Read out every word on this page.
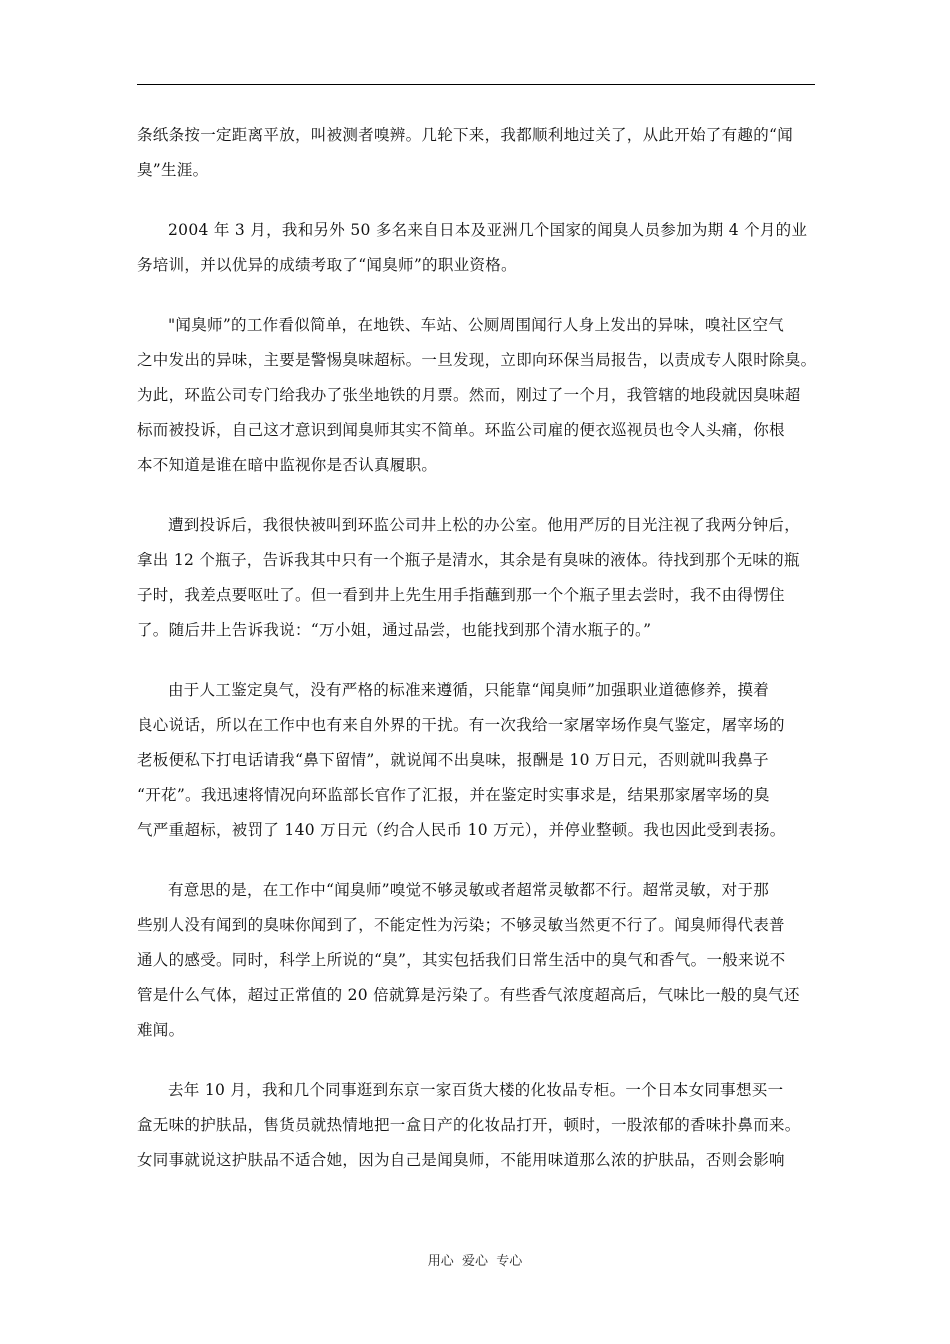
条纸条按一定距离平放，叫被测者嗅辨。几轮下来，我都顺利地过关了，从此开始了有趣的“闻
臭”生涯。

2004 年 3 月，我和另外 50 多名来自日本及亚洲几个国家的闻臭人员参加为期 4 个月的业
务培训，并以优异的成绩考取了“闻臭师”的职业资格。

"闻臭师”的工作看似简单，在地铁、车站、公厕周围闻行人身上发出的异味，嗅社区空气
之中发出的异味，主要是警惕臭味超标。一旦发现，立即向环保当局报告，以责成专人限时除臭。
为此，环监公司专门给我办了张坐地铁的月票。然而，刚过了一个月，我管辖的地段就因臭味超
标而被投诉，自己这才意识到闻臭师其实不简单。环监公司雇的便衣巡视员也令人头痛，你根
本不知道是谁在暗中监视你是否认真履职。

遭到投诉后，我很快被叫到环监公司井上松的办公室。他用严厉的目光注视了我两分钟后，
拿出 12 个瓶子，告诉我其中只有一个瓶子是清水，其余是有臭味的液体。待找到那个无味的瓶
子时，我差点要呕吐了。但一看到井上先生用手指蘸到那一个个瓶子里去尝时，我不由得愣住
了。随后井上告诉我说：“万小姐，通过品尝，也能找到那个清水瓶子的。”

由于人工鉴定臭气，没有严格的标准来遵循，只能靠“闻臭师”加强职业道德修养，摸着
良心说话，所以在工作中也有来自外界的干扰。有一次我给一家屠宰场作臭气鉴定，屠宰场的
老板便私下打电话请我“鼻下留情”，就说闻不出臭味，报酬是 10 万日元，否则就叫我鼻子
“开花”。我迅速将情况向环监部长官作了汇报，并在鉴定时实事求是，结果那家屠宰场的臭
气严重超标，被罚了 140 万日元（约合人民币 10 万元），并停业整顿。我也因此受到表扬。

有意思的是，在工作中“闻臭师”嗅觉不够灵敏或者超常灵敏都不行。超常灵敏，对于那
些别人没有闻到的臭味你闻到了，不能定性为污染；不够灵敏当然更不行了。闻臭师得代表普
通人的感受。同时，科学上所说的“臭”，其实包括我们日常生活中的臭气和香气。一般来说不
管是什么气体，超过正常值的 20 倍就算是污染了。有些香气浓度超高后，气味比一般的臭气还
难闻。

去年 10 月，我和几个同事逛到东京一家百货大楼的化妆品专柜。一个日本女同事想买一
盒无味的护肤品，售货员就热情地把一盒日产的化妆品打开，顿时，一股浓郁的香味扑鼻而来。
女同事就说这护肤品不适合她，因为自己是闻臭师，不能用味道那么浓的护肤品，否则会影响

用心  爱心  专心
